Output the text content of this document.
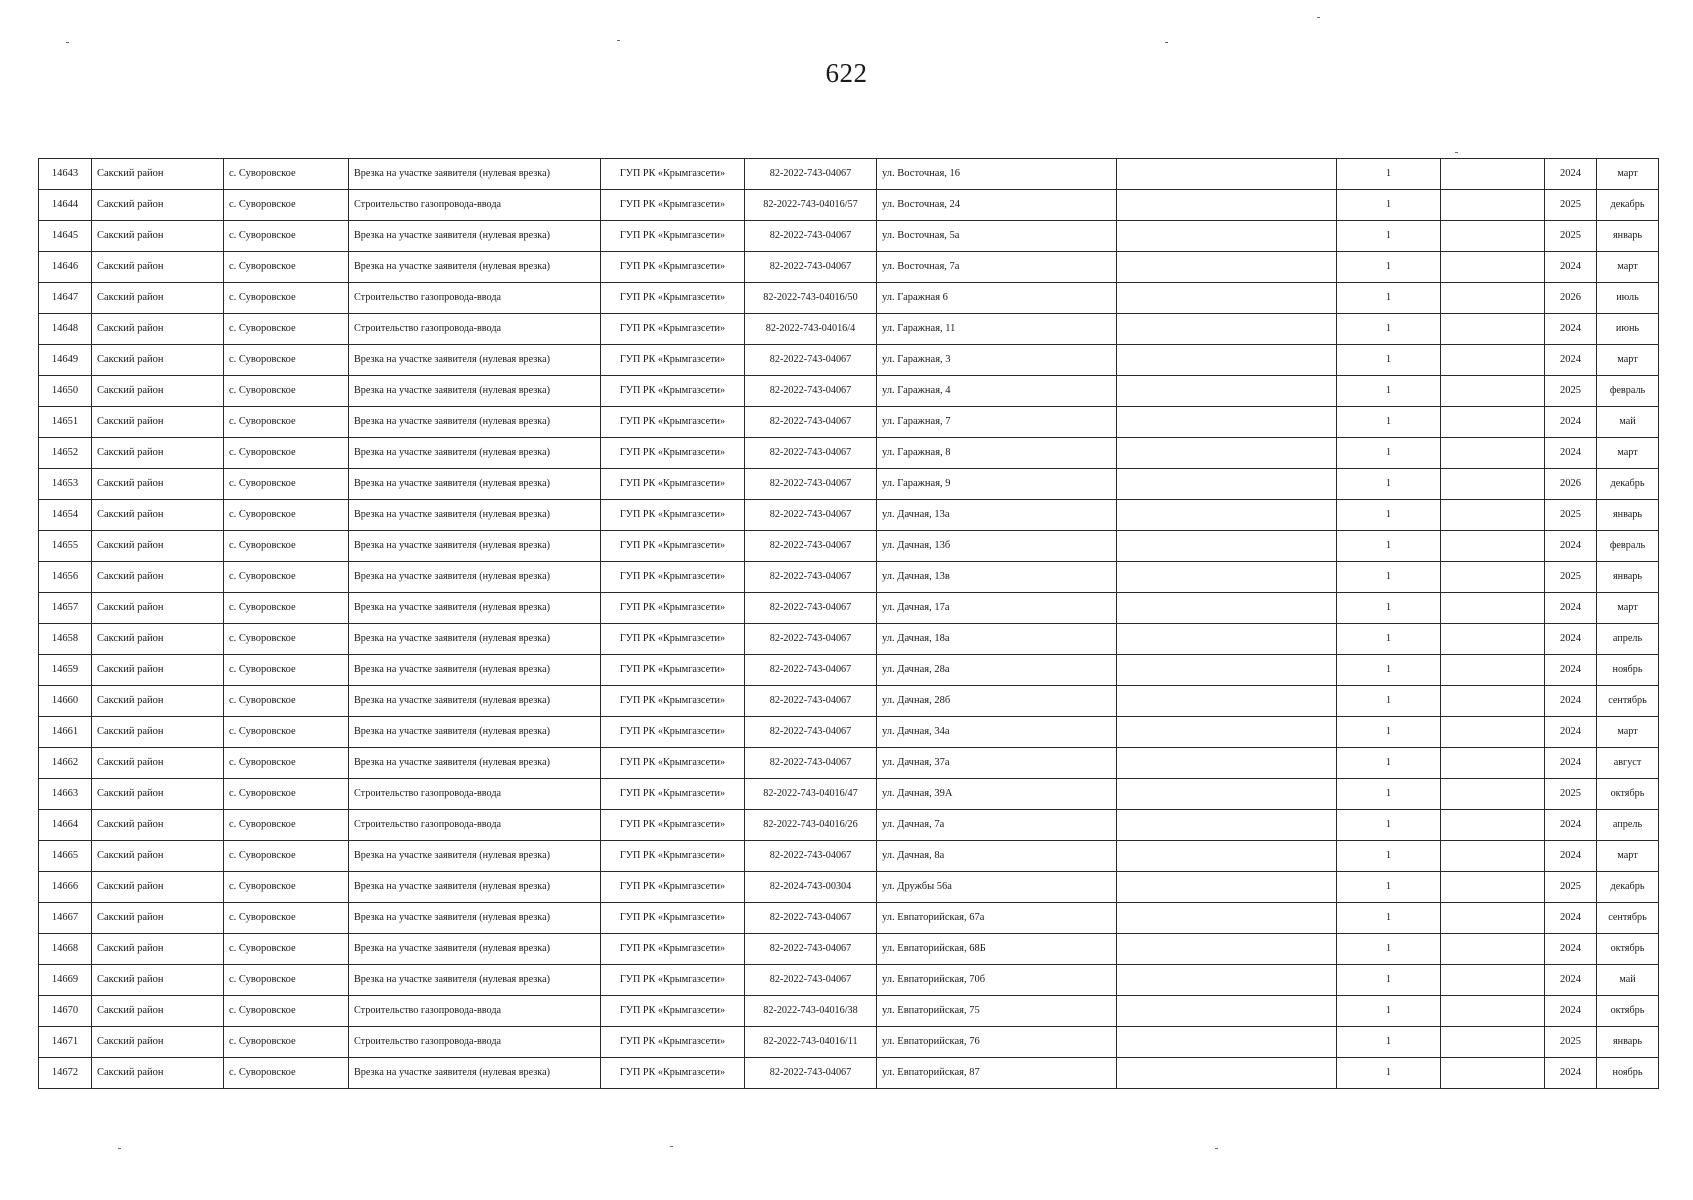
622
14643	Сакский район	с. Суворовское	Врезка на участке заявителя (нулевая врезка)	ГУП РК «Крымгазсети»	82-2022-743-04067	ул. Восточная, 16		1		2024	март
14644	Сакский район	с. Суворовское	Строительство газопровода-ввода	ГУП РК «Крымгазсети»	82-2022-743-04016/57	ул. Восточная, 24		1		2025	декабрь
14645	Сакский район	с. Суворовское	Врезка на участке заявителя (нулевая врезка)	ГУП РК «Крымгазсети»	82-2022-743-04067	ул. Восточная, 5а		1		2025	январь
14646	Сакский район	с. Суворовское	Врезка на участке заявителя (нулевая врезка)	ГУП РК «Крымгазсети»	82-2022-743-04067	ул. Восточная, 7а		1		2024	март
14647	Сакский район	с. Суворовское	Строительство газопровода-ввода	ГУП РК «Крымгазсети»	82-2022-743-04016/50	ул. Гаражная 6		1		2026	июль
14648	Сакский район	с. Суворовское	Строительство газопровода-ввода	ГУП РК «Крымгазсети»	82-2022-743-04016/4	ул. Гаражная, 11		1		2024	июнь
14649	Сакский район	с. Суворовское	Врезка на участке заявителя (нулевая врезка)	ГУП РК «Крымгазсети»	82-2022-743-04067	ул. Гаражная, 3		1		2024	март
14650	Сакский район	с. Суворовское	Врезка на участке заявителя (нулевая врезка)	ГУП РК «Крымгазсети»	82-2022-743-04067	ул. Гаражная, 4		1		2025	февраль
14651	Сакский район	с. Суворовское	Врезка на участке заявителя (нулевая врезка)	ГУП РК «Крымгазсети»	82-2022-743-04067	ул. Гаражная, 7		1		2024	май
14652	Сакский район	с. Суворовское	Врезка на участке заявителя (нулевая врезка)	ГУП РК «Крымгазсети»	82-2022-743-04067	ул. Гаражная, 8		1		2024	март
14653	Сакский район	с. Суворовское	Врезка на участке заявителя (нулевая врезка)	ГУП РК «Крымгазсети»	82-2022-743-04067	ул. Гаражная, 9		1		2026	декабрь
14654	Сакский район	с. Суворовское	Врезка на участке заявителя (нулевая врезка)	ГУП РК «Крымгазсети»	82-2022-743-04067	ул. Дачная, 13а		1		2025	январь
14655	Сакский район	с. Суворовское	Врезка на участке заявителя (нулевая врезка)	ГУП РК «Крымгазсети»	82-2022-743-04067	ул. Дачная, 13б		1		2024	февраль
14656	Сакский район	с. Суворовское	Врезка на участке заявителя (нулевая врезка)	ГУП РК «Крымгазсети»	82-2022-743-04067	ул. Дачная, 13в		1		2025	январь
14657	Сакский район	с. Суворовское	Врезка на участке заявителя (нулевая врезка)	ГУП РК «Крымгазсети»	82-2022-743-04067	ул. Дачная, 17а		1		2024	март
14658	Сакский район	с. Суворовское	Врезка на участке заявителя (нулевая врезка)	ГУП РК «Крымгазсети»	82-2022-743-04067	ул. Дачная, 18а		1		2024	апрель
14659	Сакский район	с. Суворовское	Врезка на участке заявителя (нулевая врезка)	ГУП РК «Крымгазсети»	82-2022-743-04067	ул. Дачная, 28а		1		2024	ноябрь
14660	Сакский район	с. Суворовское	Врезка на участке заявителя (нулевая врезка)	ГУП РК «Крымгазсети»	82-2022-743-04067	ул. Дачная, 28б		1		2024	сентябрь
14661	Сакский район	с. Суворовское	Врезка на участке заявителя (нулевая врезка)	ГУП РК «Крымгазсети»	82-2022-743-04067	ул. Дачная, 34а		1		2024	март
14662	Сакский район	с. Суворовское	Врезка на участке заявителя (нулевая врезка)	ГУП РК «Крымгазсети»	82-2022-743-04067	ул. Дачная, 37а		1		2024	август
14663	Сакский район	с. Суворовское	Строительство газопровода-ввода	ГУП РК «Крымгазсети»	82-2022-743-04016/47	ул. Дачная, 39А		1		2025	октябрь
14664	Сакский район	с. Суворовское	Строительство газопровода-ввода	ГУП РК «Крымгазсети»	82-2022-743-04016/26	ул. Дачная, 7а		1		2024	апрель
14665	Сакский район	с. Суворовское	Врезка на участке заявителя (нулевая врезка)	ГУП РК «Крымгазсети»	82-2022-743-04067	ул. Дачная, 8а		1		2024	март
14666	Сакский район	с. Суворовское	Врезка на участке заявителя (нулевая врезка)	ГУП РК «Крымгазсети»	82-2024-743-00304	ул. Дружбы 56а		1		2025	декабрь
14667	Сакский район	с. Суворовское	Врезка на участке заявителя (нулевая врезка)	ГУП РК «Крымгазсети»	82-2022-743-04067	ул. Евпаторийская, 67а		1		2024	сентябрь
14668	Сакский район	с. Суворовское	Врезка на участке заявителя (нулевая врезка)	ГУП РК «Крымгазсети»	82-2022-743-04067	ул. Евпаторийская, 68Б		1		2024	октябрь
14669	Сакский район	с. Суворовское	Врезка на участке заявителя (нулевая врезка)	ГУП РК «Крымгазсети»	82-2022-743-04067	ул. Евпаторийская, 70б		1		2024	май
14670	Сакский район	с. Суворовское	Строительство газопровода-ввода	ГУП РК «Крымгазсети»	82-2022-743-04016/38	ул. Евпаторийская, 75		1		2024	октябрь
14671	Сакский район	с. Суворовское	Строительство газопровода-ввода	ГУП РК «Крымгазсети»	82-2022-743-04016/11	ул. Евпаторийская, 76		1		2025	январь
14672	Сакский район	с. Суворовское	Врезка на участке заявителя (нулевая врезка)	ГУП РК «Крымгазсети»	82-2022-743-04067	ул. Евпаторийская, 87		1		2024	ноябрь
